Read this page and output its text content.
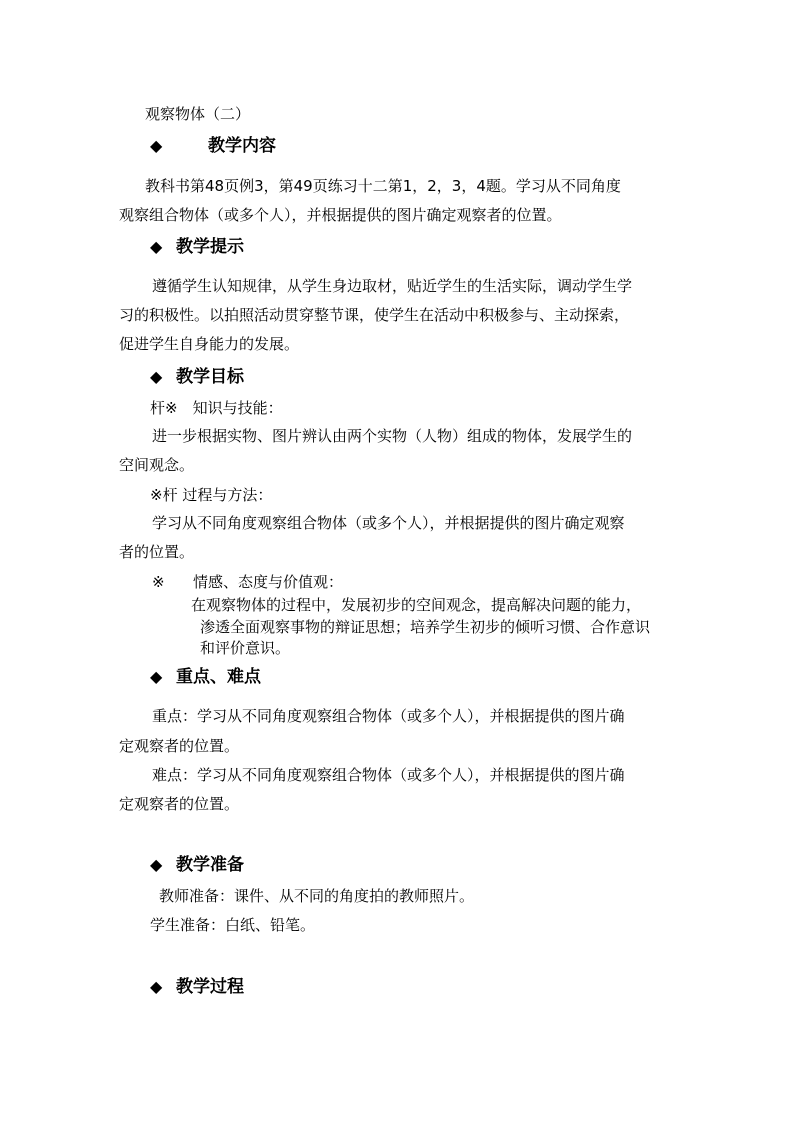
观察物体（二）
◆	教学内容
教科书第48页例3，第49页练习十二第1，2，3，4题。学习从不同角度
观察组合物体（或多个人），并根据提供的图片确定观察者的位置。
◆ 教学提示
遵循学生认知规律，从学生身边取材，贴近学生的生活实际，调动学生学
习的积极性。以拍照活动贯穿整节课，使学生在活动中积极参与、主动探索，
促进学生自身能力的发展。
◆ 教学目标
杆※　知识与技能：
进一步根据实物、图片辨认由两个实物（人物）组成的物体，发展学生的
空间观念。
※杆 过程与方法：
学习从不同角度观察组合物体（或多个人），并根据提供的图片确定观察
者的位置。
※ 情感、态度与价值观：
在观察物体的过程中，发展初步的空间观念，提高解决问题的能力，
渗透全面观察事物的辩证思想；培养学生初步的倾听习惯、合作意识
和评价意识。
◆ 重点、难点
重点：学习从不同角度观察组合物体（或多个人），并根据提供的图片确
定观察者的位置。
难点：学习从不同角度观察组合物体（或多个人），并根据提供的图片确
定观察者的位置。
◆ 教学准备
教师准备：课件、从不同的角度拍的教师照片。
学生准备：白纸、铅笔。
◆ 教学过程
